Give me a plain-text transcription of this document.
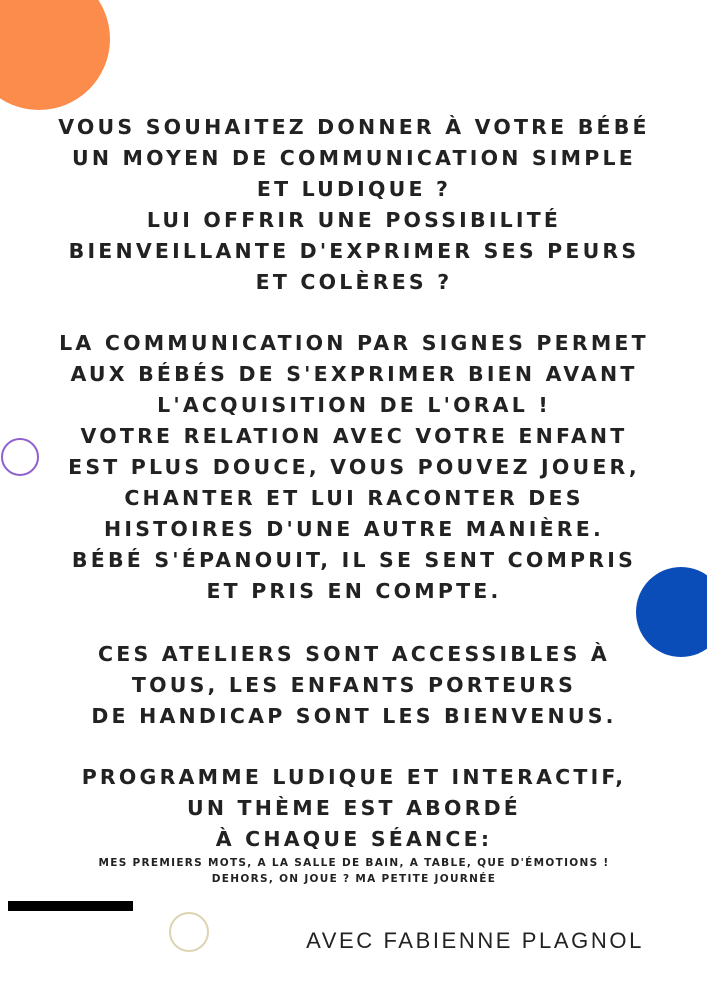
VOUS SOUHAITEZ DONNER À VOTRE BÉBÉ
UN MOYEN DE COMMUNICATION SIMPLE
ET LUDIQUE ?
LUI OFFRIR UNE POSSIBILITÉ
BIENVEILLANTE D'EXPRIMER SES PEURS
ET COLÈRES ?
LA COMMUNICATION PAR SIGNES PERMET
AUX BÉBÉS DE S'EXPRIMER BIEN AVANT
L'ACQUISITION DE L'ORAL !
VOTRE RELATION AVEC VOTRE ENFANT
EST PLUS DOUCE, VOUS POUVEZ JOUER,
CHANTER ET LUI RACONTER DES
HISTOIRES D'UNE AUTRE MANIÈRE.
BÉBÉ S'ÉPANOUIT, IL SE SENT COMPRIS
ET PRIS EN COMPTE.
CES ATELIERS SONT ACCESSIBLES À
TOUS, LES ENFANTS PORTEURS
DE HANDICAP SONT LES BIENVENUS.
PROGRAMME LUDIQUE ET INTERACTIF,
UN THÈME EST ABORDÉ
À CHAQUE SÉANCE:
MES PREMIERS MOTS, A LA SALLE DE BAIN, A TABLE, QUE D'ÉMOTIONS !
DEHORS, ON JOUE ? MA PETITE JOURNÉE
AVEC FABIENNE PLAGNOL
